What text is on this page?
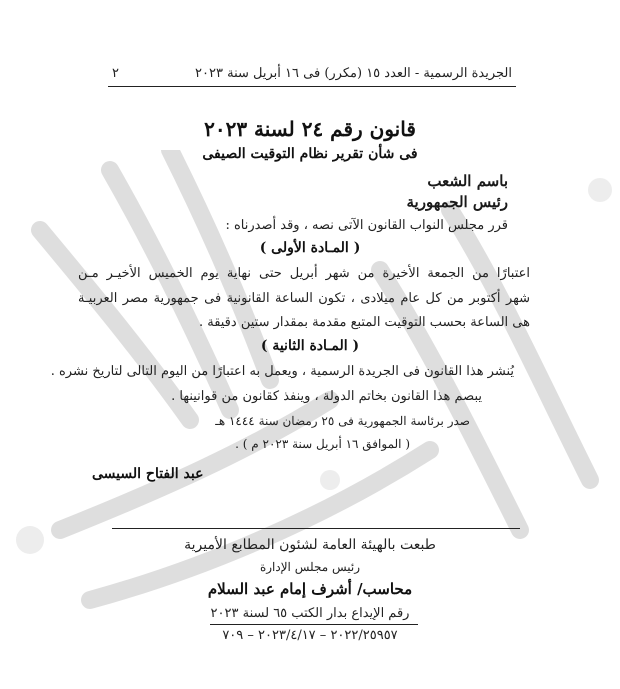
الجريدة الرسمية - العدد ١٥ (مكرر) فى ١٦ أبريل سنة ٢٠٢٣
٢
قانون رقم ٢٤ لسنة ٢٠٢٣
فى شأن تقرير نظام التوقيت الصيفى
باسم الشعب
رئيس الجمهورية
قرر مجلس النواب القانون الآتى نصه ، وقد أصدرناه :
( المـادة الأولى )
اعتبارًا من الجمعة الأخيرة من شهر أبريل حتى نهاية يوم الخميس الأخيـر مـن
شهر أكتوبر من كل عام ميلادى ، تكون الساعة القانونية فى جمهورية مصر العربيـة
هى الساعة بحسب التوقيت المتبع مقدمة بمقدار ستين دقيقة .
( المـادة الثانية )
يُنشر هذا القانون فى الجريدة الرسمية ، ويعمل به اعتبارًا من اليوم التالى لتاريخ نشره .
يبصم هذا القانون بخاتم الدولة ، وينفذ كقانون من قوانينها .
صدر برئاسة الجمهورية فى ٢٥ رمضان سنة ١٤٤٤ هـ
( الموافق ١٦ أبريل سنة ٢٠٢٣ م ) .
عبد الفتاح السيسى
طبعت بالهيئة العامة لشئون المطابع الأميرية
رئيس مجلس الإدارة
محاسب/ أشرف إمام عبد السلام
رقم الإيداع بدار الكتب ٦٥ لسنة ٢٠٢٣
٢٠٢٢/٢٥٩٥٧ – ٢٠٢٣/٤/١٧ – ٧٠٩
